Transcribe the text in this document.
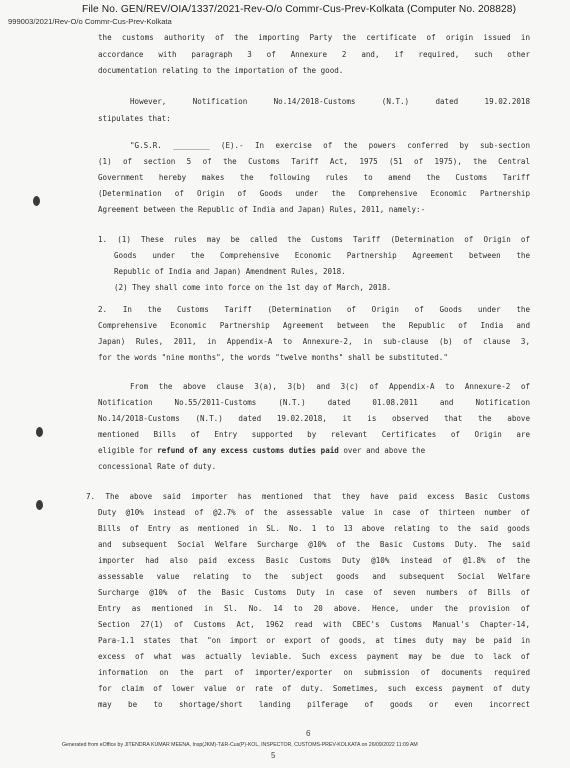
File No. GEN/REV/OIA/1337/2021-Rev-O/o Commr-Cus-Prev-Kolkata (Computer No. 208828)
999003/2021/Rev-O/o Commr-Cus-Prev-Kolkata
the customs authority of the importing Party the certificate of origin issued in
accordance with paragraph 3 of Annexure 2 and, if required, such other
documentation relating to the importation of the good.
However, Notification No.14/2018-Customs (N.T.) dated 19.02.2018
stipulates that:
"G.S.R. ________ (E).- In exercise of the powers conferred by sub-section
(1) of section 5 of the Customs Tariff Act, 1975 (51 of 1975), the Central
Government hereby makes the following rules to amend the Customs Tariff
(Determination of Origin of Goods under the Comprehensive Economic Partnership
Agreement between the Republic of India and Japan) Rules, 2011, namely:-
1. (1) These rules may be called the Customs Tariff (Determination of Origin of
Goods under the Comprehensive Economic Partnership Agreement between the
Republic of India and Japan) Amendment Rules, 2018.
(2) They shall come into force on the 1st day of March, 2018.
2. In the Customs Tariff (Determination of Origin of Goods under the
Comprehensive Economic Partnership Agreement between the Republic of India and
Japan) Rules, 2011, in Appendix-A to Annexure-2, in sub-clause (b) of clause 3,
for the words "nine months", the words "twelve months" shall be substituted."
From the above clause 3(a), 3(b) and 3(c) of Appendix-A to Annexure-2 of
Notification No.55/2011-Customs (N.T.) dated 01.08.2011 and Notification
No.14/2018-Customs (N.T.) dated 19.02.2018, it is observed that the above
mentioned Bills of Entry supported by relevant Certificates of Origin are
eligible for refund of any excess customs duties paid over and above the
concessional Rate of duty.
7. The above said importer has mentioned that they have paid excess Basic Customs
Duty @10% instead of @2.7% of the assessable value in case of thirteen number of
Bills of Entry as mentioned in SL. No. 1 to 13 above relating to the said goods
and subsequent Social Welfare Surcharge @10% of the Basic Customs Duty. The said
importer had also paid excess Basic Customs Duty @10% instead of @1.8% of the
assessable value relating to the subject goods and subsequent Social Welfare
Surcharge @10% of the Basic Customs Duty in case of seven numbers of Bills of
Entry as mentioned in Sl. No. 14 to 20 above. Hence, under the provision of
Section 27(1) of Customs Act, 1962 read with CBEC's Customs Manual's Chapter-14,
Para-1.1 states that "on import or export of goods, at times duty may be paid in
excess of what was actually leviable. Such excess payment may be due to lack of
information on the part of importer/exporter on submission of documents required
for claim of lower value or rate of duty. Sometimes, such excess payment of duty
may be to shortage/short landing pilferage of goods or even incorrect
6
Generated from eOffice by JITENDRA KUMAR MEENA, Insp(JKM)-T&R-Cus(P)-KOL, INSPECTOR, CUSTOMS-PREV-KOLKATA on 26/09/2022 11:09 AM
5
